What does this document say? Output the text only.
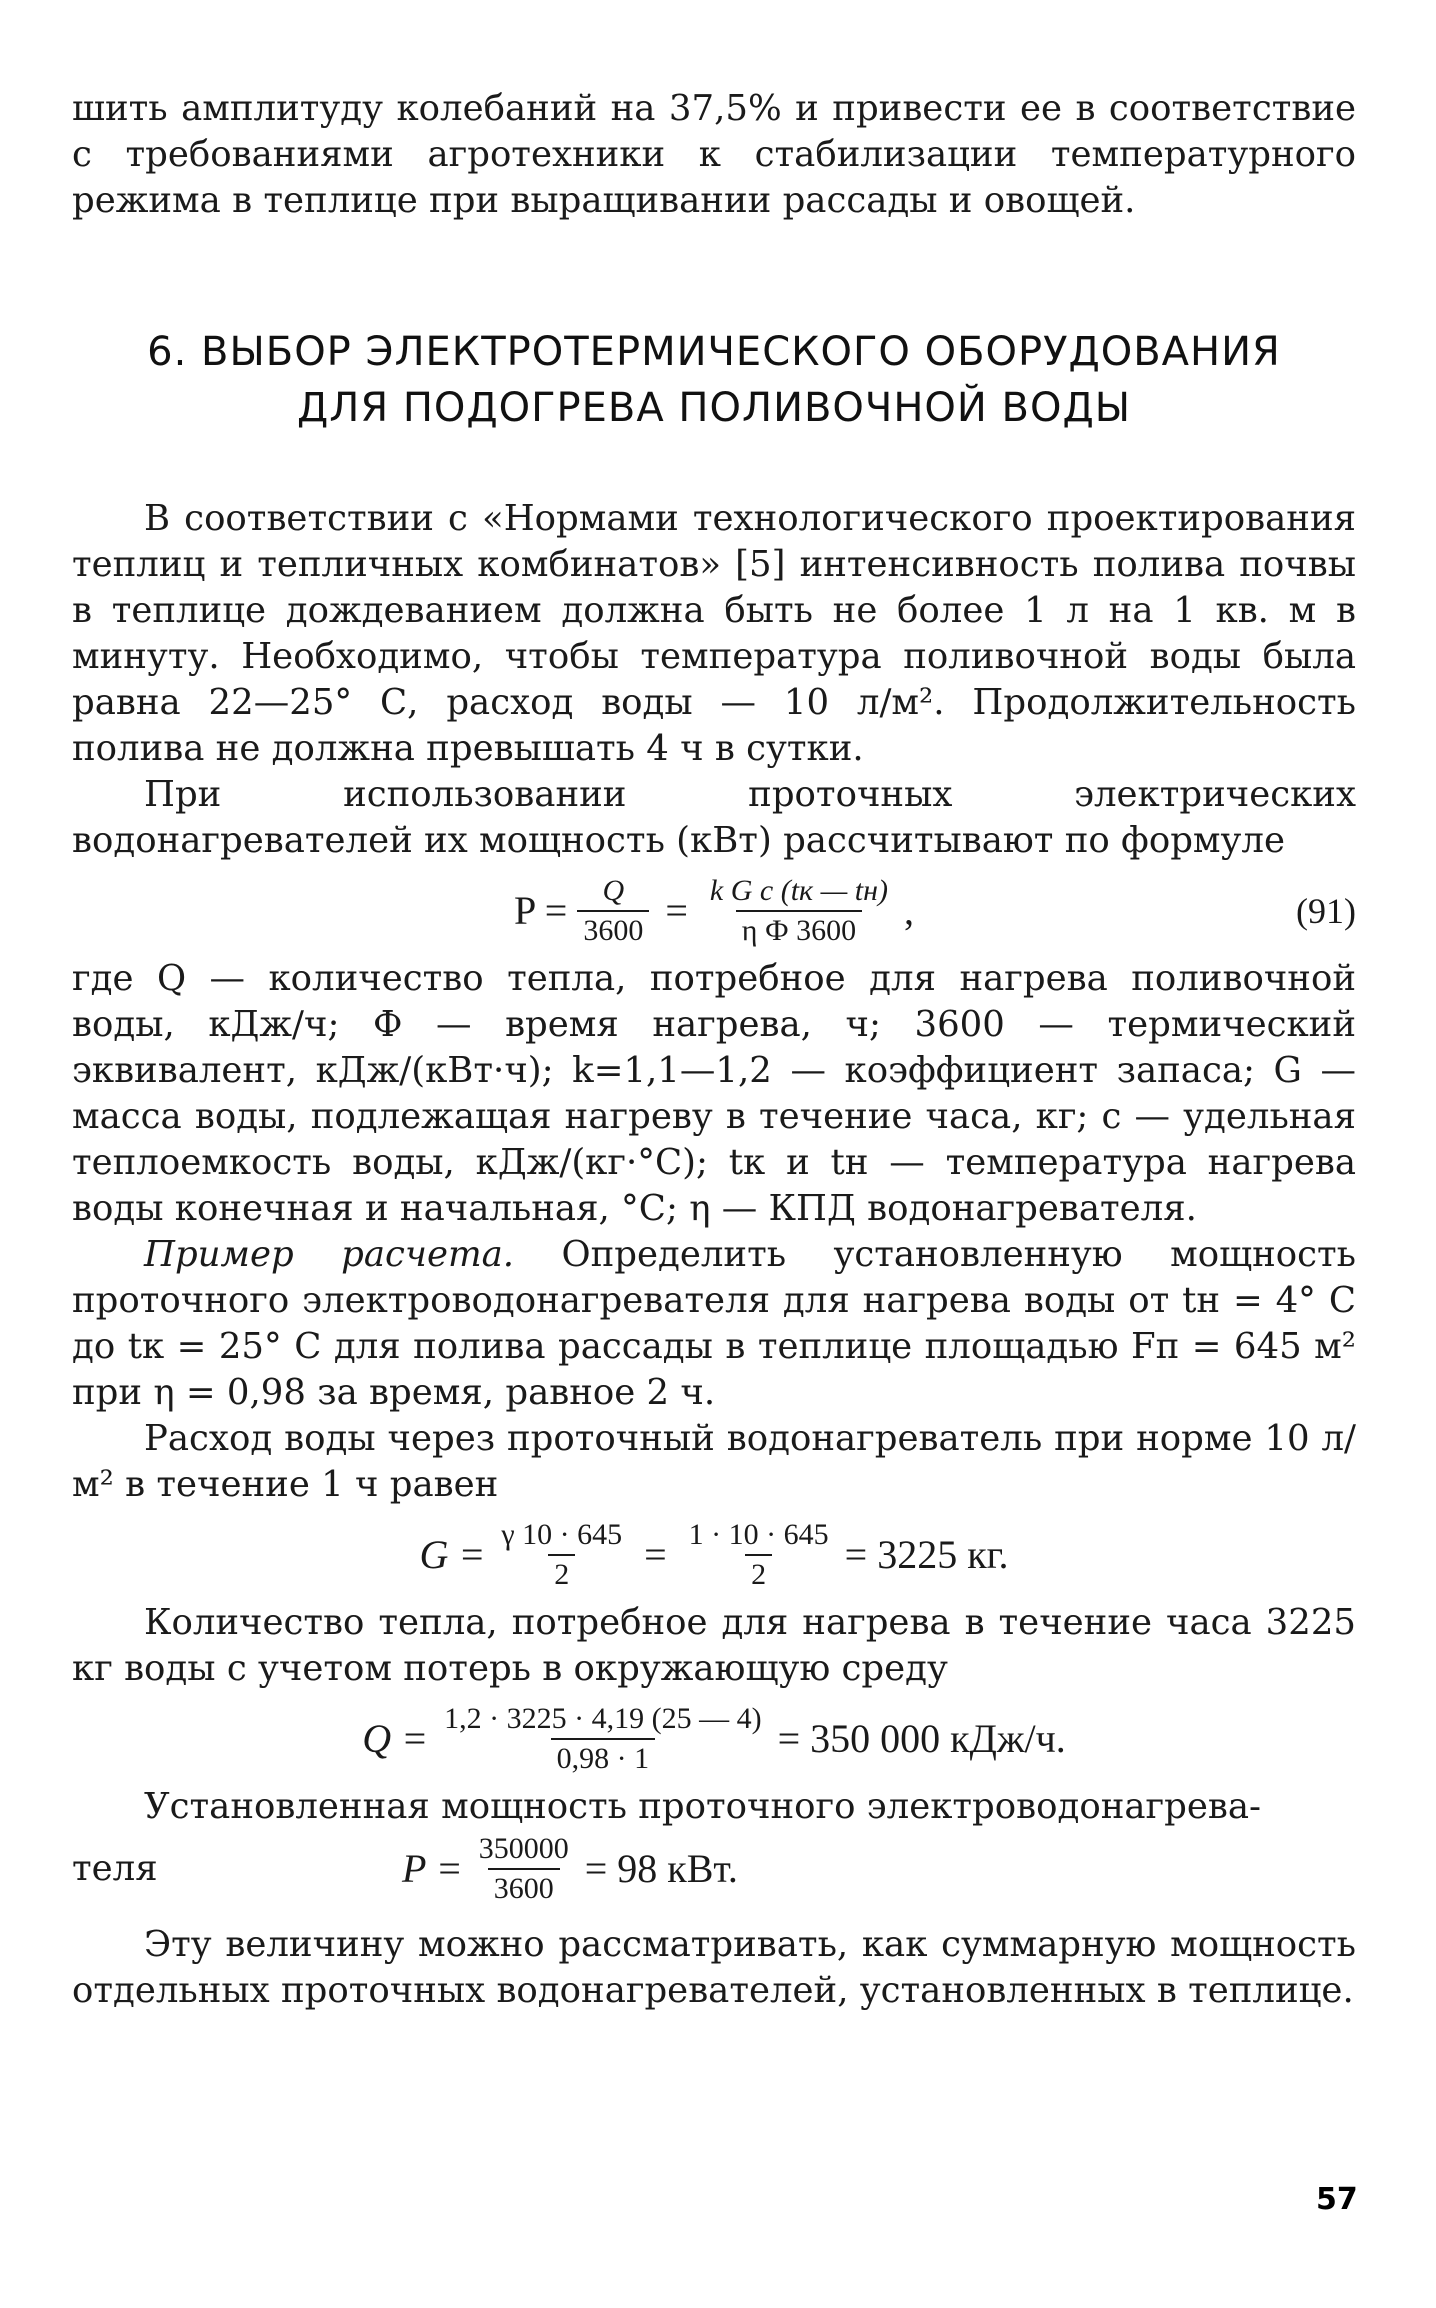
шить амплитуду колебаний на 37,5% и привести ее в соответствие с требованиями агротехники к стабилизации температурного режима в теплице при выращивании рассады и овощей.

6. ВЫБОР ЭЛЕКТРОТЕРМИЧЕСКОГО ОБОРУДОВАНИЯ
ДЛЯ ПОДОГРЕВА ПОЛИВОЧНОЙ ВОДЫ

В соответствии с «Нормами технологического проектирования теплиц и тепличных комбинатов» [5] интенсивность полива почвы в теплице дождеванием должна быть не более 1 л на 1 кв. м в минуту. Необходимо, чтобы температура поливочной воды была равна 22—25° С, расход воды — 10 л/м². Продолжительность полива не должна превышать 4 ч в сутки.

При использовании проточных электрических водонагревателей их мощность (кВт) рассчитывают по формуле

$P = \frac{Q}{3600} = \frac{\text{k G c (tк — tн)}}{\text{η Ф 3600}}$ ,	(91)

где Q — количество тепла, потребное для нагрева поливочной воды, кДж/ч; Ф — время нагрева, ч; 3600 — термический эквивалент, кДж/(кВт·ч); k=1,1—1,2 — коэффициент запаса; G — масса воды, подлежащая нагреву в течение часа, кг; c — удельная теплоемкость воды, кДж/(кг·°С); tк и tн — температура нагрева воды конечная и начальная, °С; η — КПД водонагревателя.

Пример расчета. Определить установленную мощность проточного электроводонагревателя для нагрева воды от tн = 4° С до tк = 25° С для полива рассады в теплице площадью Fп = 645 м² при η = 0,98 за время, равное 2 ч.

Расход воды через проточный водонагреватель при норме 10 л/м² в течение 1 ч равен

$G = \frac{\gamma 10 \cdot 645}{2} = \frac{1 \cdot 10 \cdot 645}{2} = 3225$ кг.

Количество тепла, потребное для нагрева в течение часа 3225 кг воды с учетом потерь в окружающую среду

$Q = \frac{1,2 \cdot 3225 \cdot 4,19 (25 — 4)}{0,98 \cdot 1} = 350$ 000 кДж/ч.

Установленная мощность проточного электроводонагрева-

теля	$P = \frac{350000}{3600} = 98$ кВт.

Эту величину можно рассматривать, как суммарную мощность отдельных проточных водонагревателей, установленных в теплице.

57
